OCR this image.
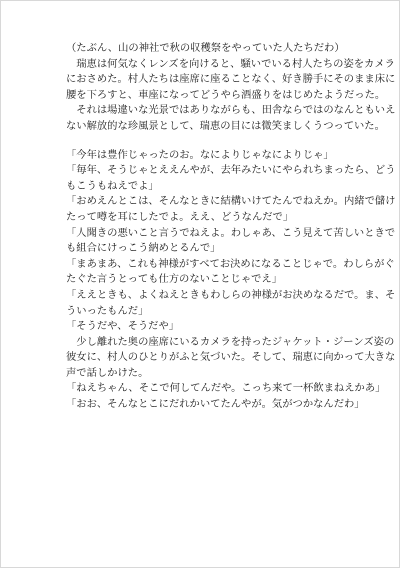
（たぶん、山の神社で秋の収穫祭をやっていた人たちだわ）
　瑞恵は何気なくレンズを向けると、騒いでいる村人たちの姿をカメラ
におさめた。村人たちは座席に座ることなく、好き勝手にそのまま床に
腰を下ろすと、車座になってどうやら酒盛りをはじめたようだった。
　それは場違いな光景ではありながらも、田舎ならではのなんともいえ
ない解放的な珍風景として、瑞恵の目には微笑ましくうつっていた。
「今年は豊作じゃったのお。なによりじゃなによりじゃ」
「毎年、そうじゃとええんやが、去年みたいにやられちまったら、どう
もこうもねえでよ」
「おめえんとこは、そんなときに結構いけてたんでねえか。内緒で儲け
たって噂を耳にしたでよ。ええ、どうなんだで」
「人聞きの悪いこと言うでねえよ。わしゃあ、こう見えて苦しいときで
も組合にけっこう納めとるんで」
「まあまあ、これも神様がすべてお決めになることじゃで。わしらがぐ
たぐた言うとっても仕方のないことじゃでえ」
「ええときも、よくねえときもわしらの神様がお決めなるだで。ま、そ
ういったもんだ」
「そうだや、そうだや」
　少し離れた奥の座席にいるカメラを持ったジャケット・ジーンズ姿の
彼女に、村人のひとりがふと気づいた。そして、瑞恵に向かって大きな
声で話しかけた。
「ねえちゃん、そこで何してんだや。こっち来て一杯飲まねえかあ」
「おお、そんなとこにだれかいてたんやが。気がつかなんだわ」
